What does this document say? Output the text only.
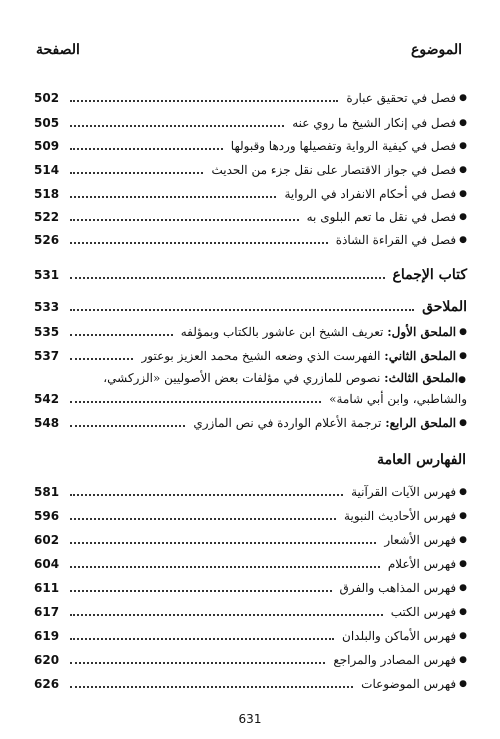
الموضوع
الصفحة
●
فصل في تحقيق عبارة
502
●
فصل في إنكار الشيخ ما روي عنه
505
●
فصل في كيفية الرواية وتفصيلها وردها وقبولها
509
●
فصل في جواز الاقتصار على نقل جزء من الحديث
514
●
فصل في أحكام الانفراد في الرواية
518
●
فصل في نقل ما تعم البلوى به
522
●
فصل في القراءة الشاذة
526
كتاب الإجماع
531
الملاحق
533
●
الملحق الأول: تعريف الشيخ ابن عاشور بالكتاب وبمؤلفه
535
●
الملحق الثاني: الفهرست الذي وضعه الشيخ محمد العزيز بوعتور
537
●الملحق الثالث: نصوص للمازري في مؤلفات بعض الأصوليين «الزركشي،
والشاطبي، وابن أبي شامة»
542
●
الملحق الرابع: ترجمة الأعلام الواردة في نص المازري
548
الفهارس العامة
●
فهرس الآيات القرآنية
581
●
فهرس الأحاديث النبوية
596
●
فهرس الأشعار
602
●
فهرس الأعلام
604
●
فهرس المذاهب والفرق
611
●
فهرس الكتب
617
●
فهرس الأماكن والبلدان
619
●
فهرس المصادر والمراجع
620
●
فهرس الموضوعات
626
631
